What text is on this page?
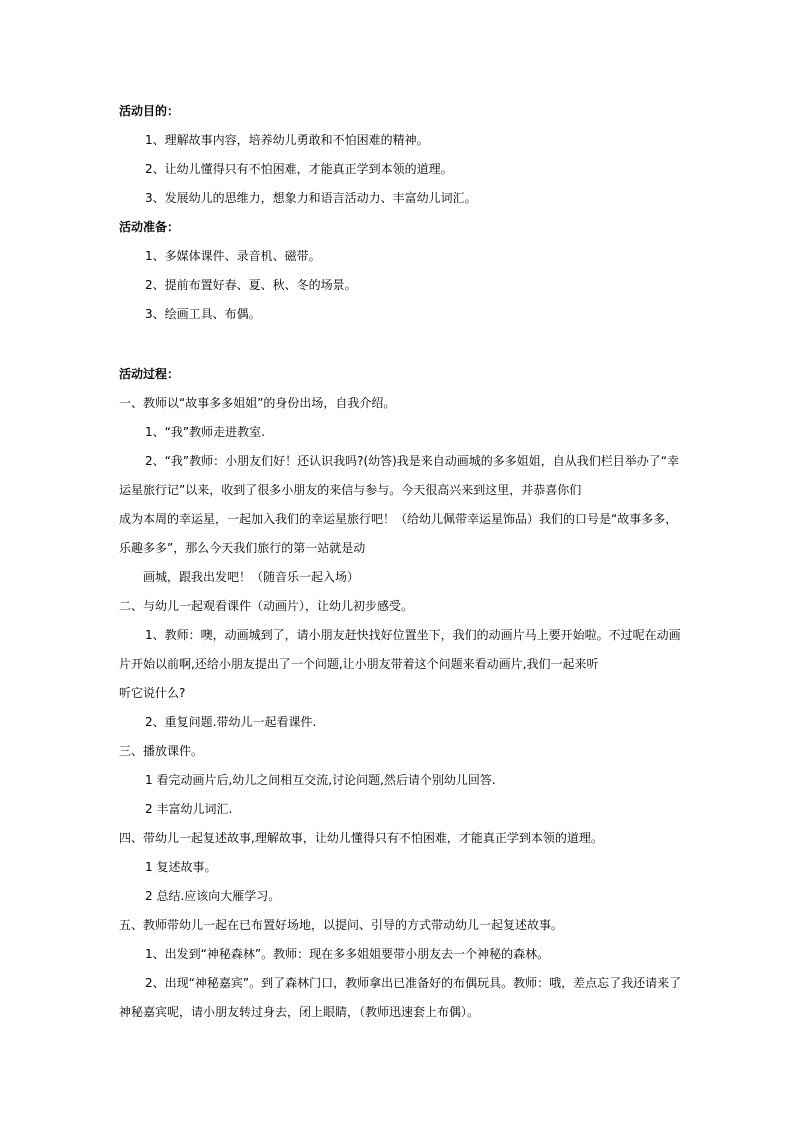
活动目的：
1、理解故事内容，培养幼儿勇敢和不怕困难的精神。
2、让幼儿懂得只有不怕困难，才能真正学到本领的道理。
3、发展幼儿的思维力，想象力和语言活动力、丰富幼儿词汇。
活动准备：
1、多媒体课件、录音机、磁带。
2、提前布置好春、夏、秋、冬的场景。
3、绘画工具、布偶。
活动过程：
一、教师以“故事多多姐姐”的身份出场，自我介绍。
1、“我”教师走进教室.
2、“我”教师：小朋友们好！还认识我吗?(幼答)我是来自动画城的多多姐姐，自从我们栏目举办了“幸
运星旅行记”以来，收到了很多小朋友的来信与参与。今天很高兴来到这里，并恭喜你们
成为本周的幸运星，一起加入我们的幸运星旅行吧！（给幼儿佩带幸运星饰品）我们的口号是“故事多多，
乐趣多多”，那么今天我们旅行的第一站就是动
画城，跟我出发吧！（随音乐一起入场）
二、与幼儿一起观看课件（动画片），让幼儿初步感受。
1、教师：噢，动画城到了，请小朋友赶快找好位置坐下，我们的动画片马上要开始啦。不过呢在动画
片开始以前啊,还给小朋友提出了一个问题,让小朋友带着这个问题来看动画片,我们一起来听
听它说什么?
2、重复问题.带幼儿一起看课件.
三、播放课件。
1 看完动画片后,幼儿之间相互交流,讨论问题,然后请个别幼儿回答.
2 丰富幼儿词汇.
四、带幼儿一起复述故事,理解故事，让幼儿懂得只有不怕困难，才能真正学到本领的道理。
1 复述故事。
2 总结.应该向大雁学习。
五、教师带幼儿一起在已布置好场地，以提问、引导的方式带动幼儿一起复述故事。
1、出发到“神秘森林”。教师：现在多多姐姐要带小朋友去一个神秘的森林。
2、出现“神秘嘉宾”。到了森林门口，教师拿出已准备好的布偶玩具。教师：哦，差点忘了我还请来了
神秘嘉宾呢，请小朋友转过身去，闭上眼睛，（教师迅速套上布偶）。
